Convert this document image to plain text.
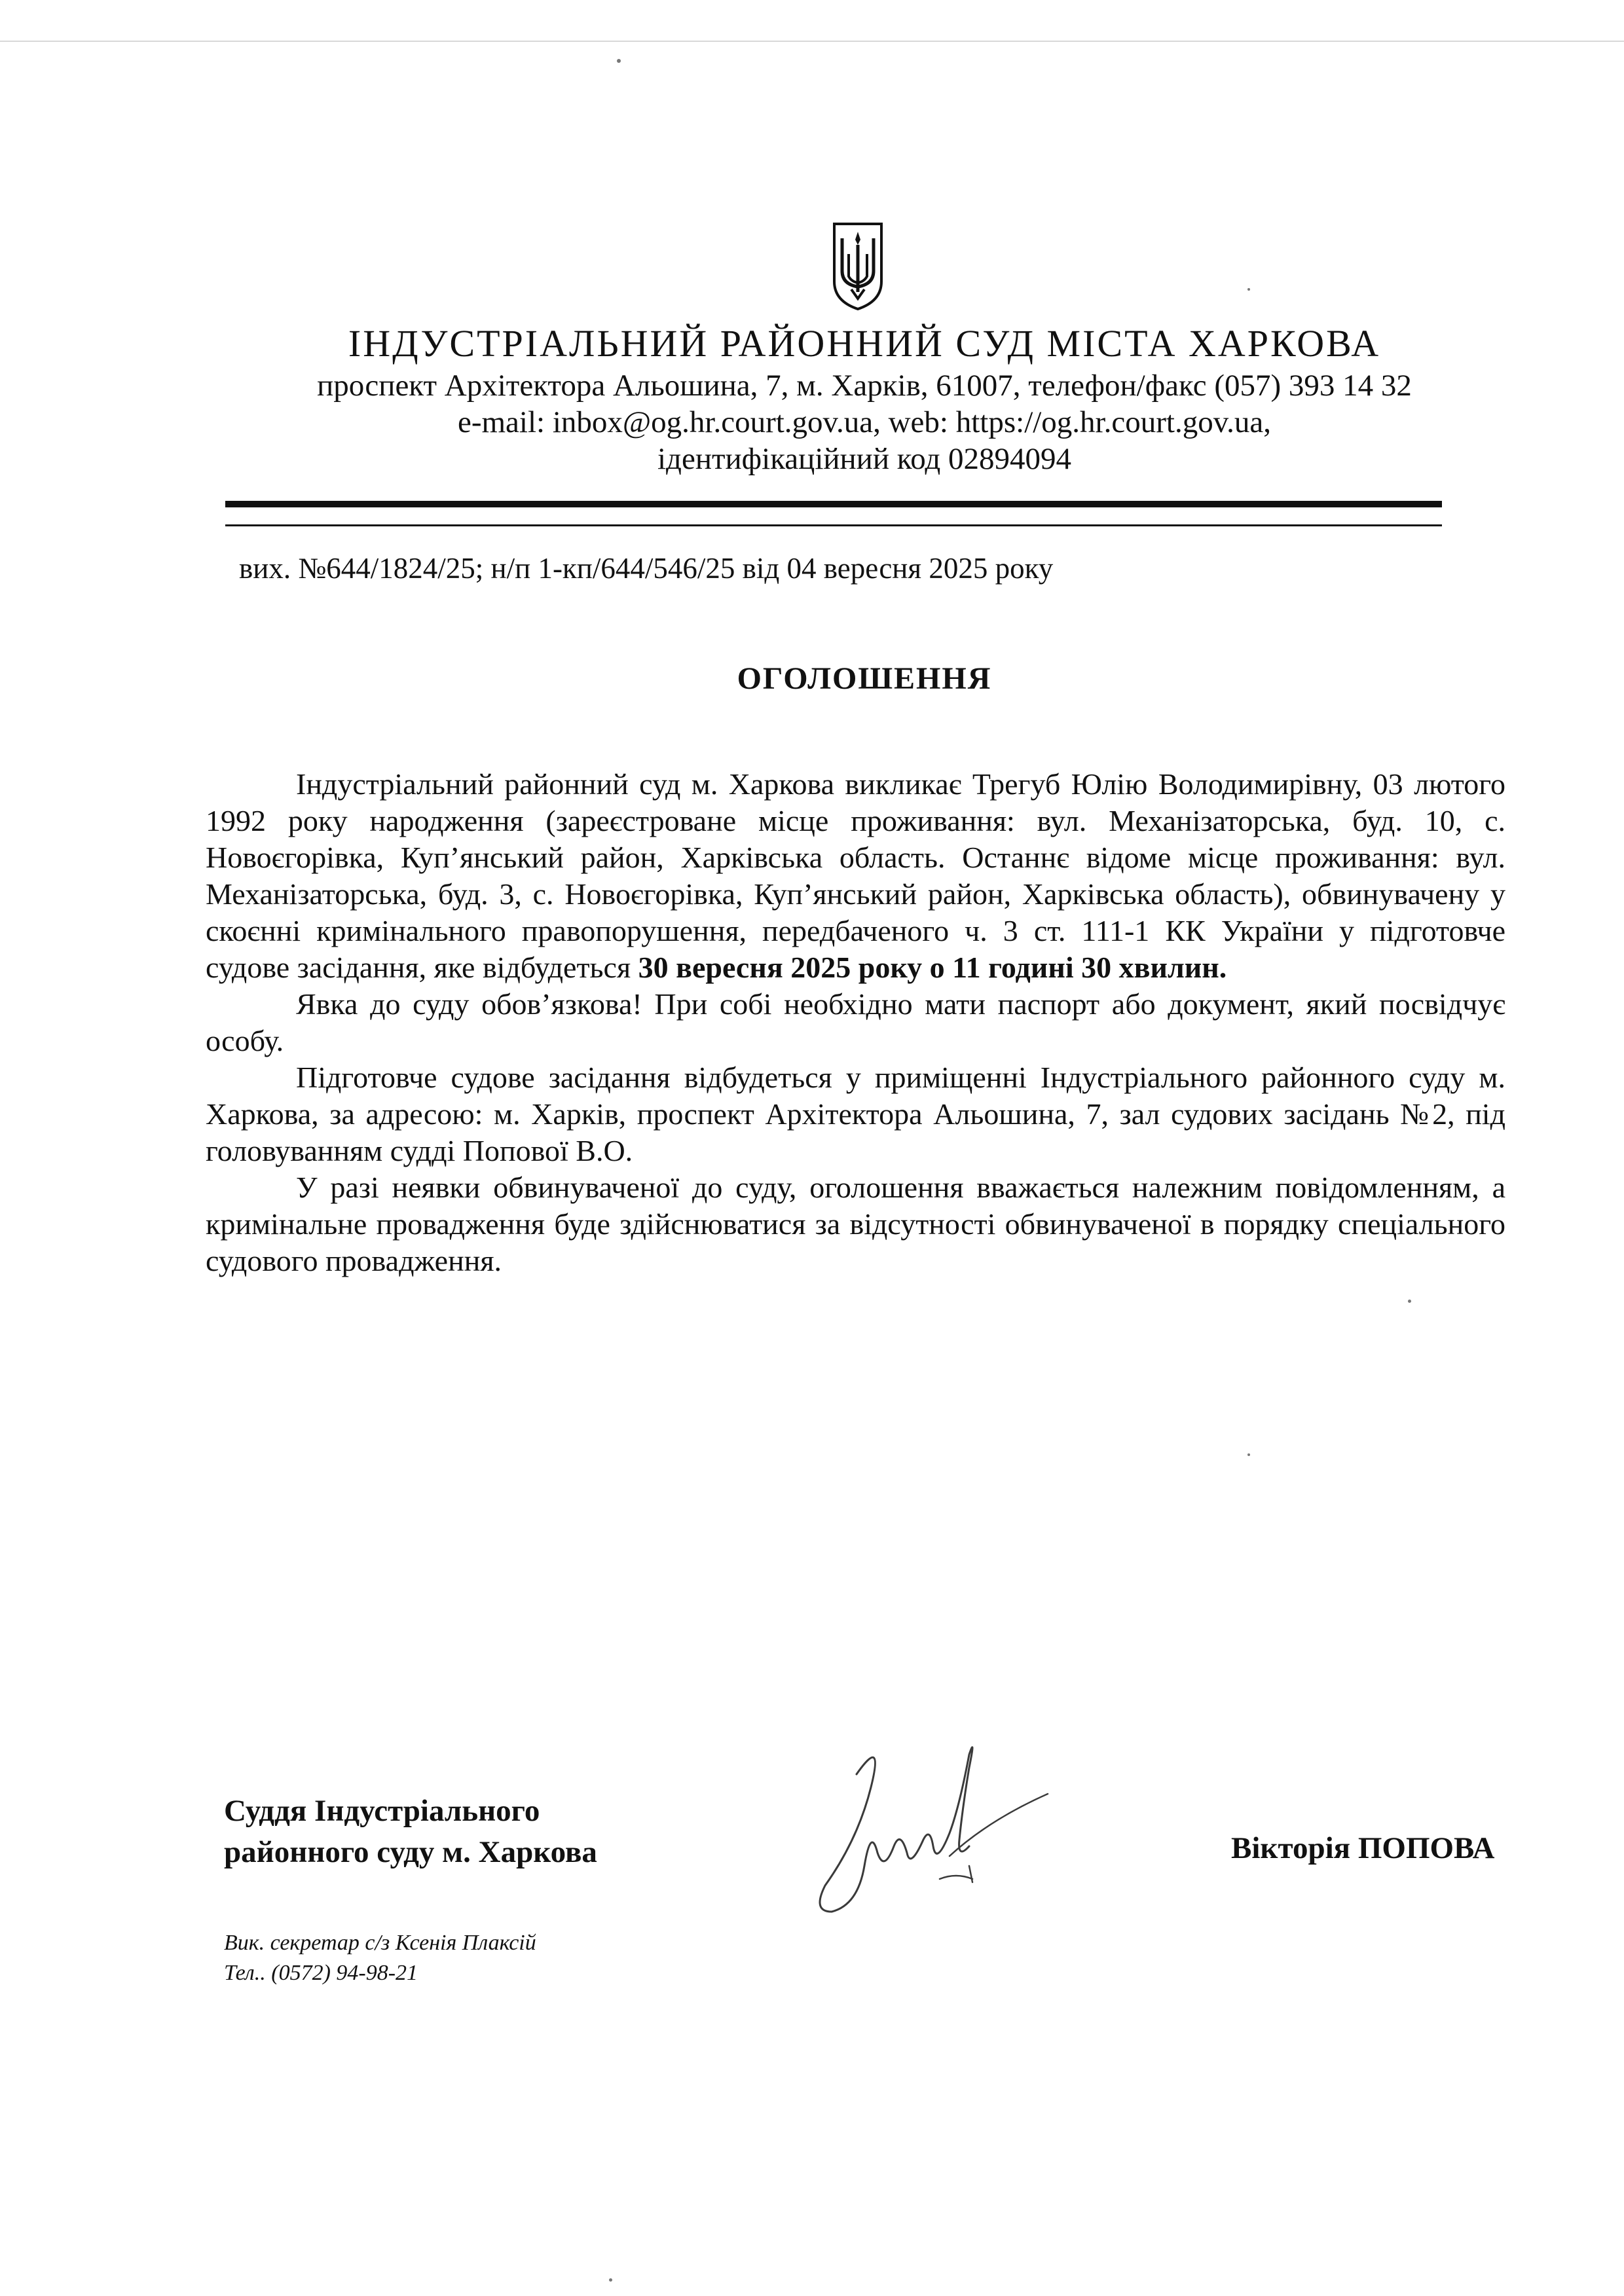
ІНДУСТРІАЛЬНИЙ РАЙОННИЙ СУД МІСТА ХАРКОВА
проспект Архітектора Альошина, 7, м. Харків, 61007, телефон/факс (057) 393 14 32
e-mail: inbox@og.hr.court.gov.ua, web: https://og.hr.court.gov.ua,
ідентифікаційний код 02894094
вих. №644/1824/25; н/п 1-кп/644/546/25 від 04 вересня 2025 року
ОГОЛОШЕННЯ

Індустріальний районний суд м. Харкова викликає Трегуб Юлію Володимирівну, 03 лютого 1992 року народження (зареєстроване місце проживання: вул. Механізаторська, буд. 10, с. Новоєгорівка, Куп’янський район, Харківська область. Останнє відоме місце проживання: вул. Механізаторська, буд. 3, с. Новоєгорівка, Куп’янський район, Харківська область), обвинувачену у скоєнні кримінального правопорушення, передбаченого ч. 3 ст. 111-1 КК України у підготовче судове засідання, яке відбудеться 30 вересня 2025 року о 11 годині 30 хвилин.

Явка до суду обов’язкова! При собі необхідно мати паспорт або документ, який посвідчує особу.

Підготовче судове засідання відбудеться у приміщенні Індустріального районного суду м. Харкова, за адресою: м. Харків, проспект Архітектора Альошина, 7, зал судових засідань №2, під головуванням судді Попової В.О.

У разі неявки обвинуваченої до суду, оголошення вважається належним повідомленням, а кримінальне провадження буде здійснюватися за відсутності обвинуваченої в порядку спеціального судового провадження.

Суддя Індустріального
районного суду м. Харкова	Вікторія ПОПОВА
Вик. секретар с/з Ксенія Плаксій
Тел.. (0572) 94-98-21
